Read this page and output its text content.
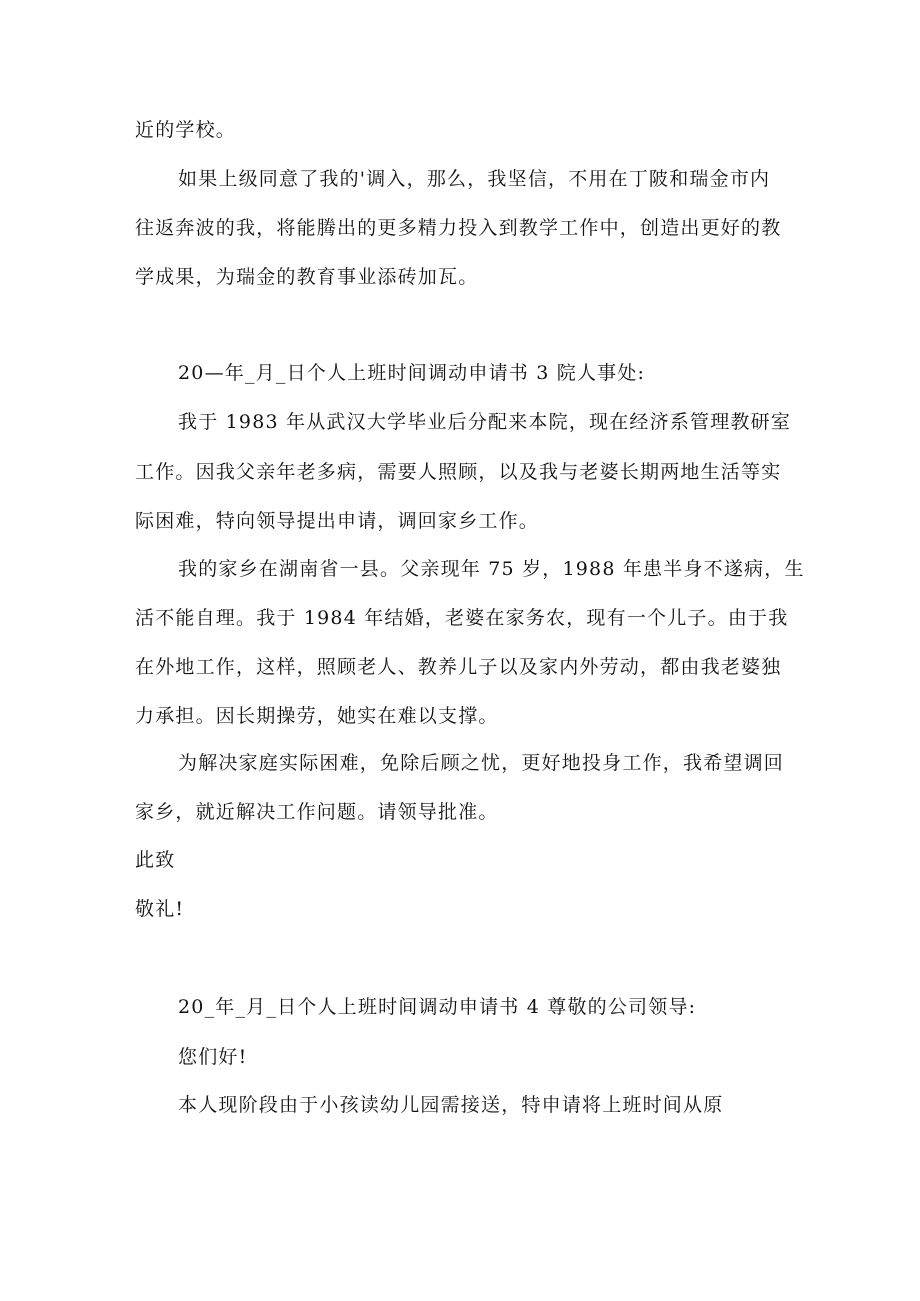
近的学校。
如果上级同意了我的'调入，那么，我坚信，不用在丁陂和瑞金市内
往返奔波的我，将能腾出的更多精力投入到教学工作中，创造出更好的教
学成果，为瑞金的教育事业添砖加瓦。
20—年_月_日个人上班时间调动申请书 3 院人事处:
我于 1983 年从武汉大学毕业后分配来本院，现在经济系管理教研室
工作。因我父亲年老多病，需要人照顾，以及我与老婆长期两地生活等实
际困难，特向领导提出申请，调回家乡工作。
我的家乡在湖南省一县。父亲现年 75 岁，1988 年患半身不遂病，生
活不能自理。我于 1984 年结婚，老婆在家务农，现有一个儿子。由于我
在外地工作，这样，照顾老人、教养儿子以及家内外劳动，都由我老婆独
力承担。因长期操劳，她实在难以支撑。
为解决家庭实际困难，免除后顾之忧，更好地投身工作，我希望调回
家乡，就近解决工作问题。请领导批准。
此致
敬礼!
20_年_月_日个人上班时间调动申请书 4 尊敬的公司领导:
您们好!
本人现阶段由于小孩读幼儿园需接送，特申请将上班时间从原
